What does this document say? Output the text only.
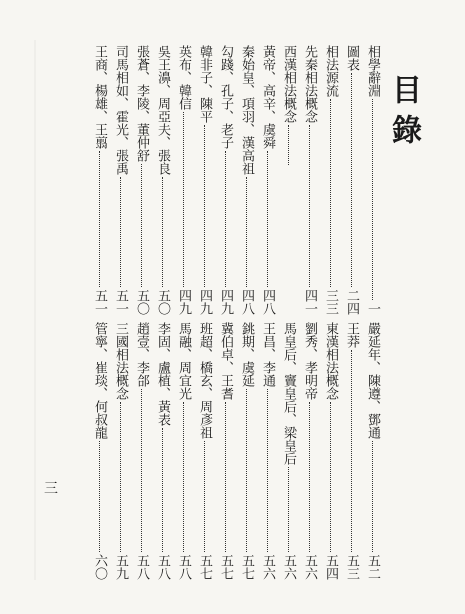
目錄
相學辭淵
一
圖表
二四
相法源流
三三
先秦相法概念
四一
西漢相法概念
黃帝、高辛、虞舜
四八
秦始皇、項羽、漢高祖
四八
勾踐、孔子、老子
四九
韓非子、陳平
四九
英布、韓信
四九
吳王濞、周亞夫、張良
五〇
張蒼、李陵、董仲舒
五〇
司馬相如、霍光、張禹
五一
王商、楊雄、王翦
五一
嚴延年、陳遵、鄧通
五二
王莽
五三
東漢相法概念
五四
劉秀、孝明帝
五六
馬皇后、竇皇后、梁皇后
五六
王昌、李通
五六
銚期、虞延
五七
冀伯卓、王耆
五七
班超、橋玄、周彥祖
五七
馬融、周宜光
五八
李固、盧植、黃表
五八
趙壹、李郃
五八
三國相法概念
五九
管寧、崔琰、何叔龍
六〇
三
